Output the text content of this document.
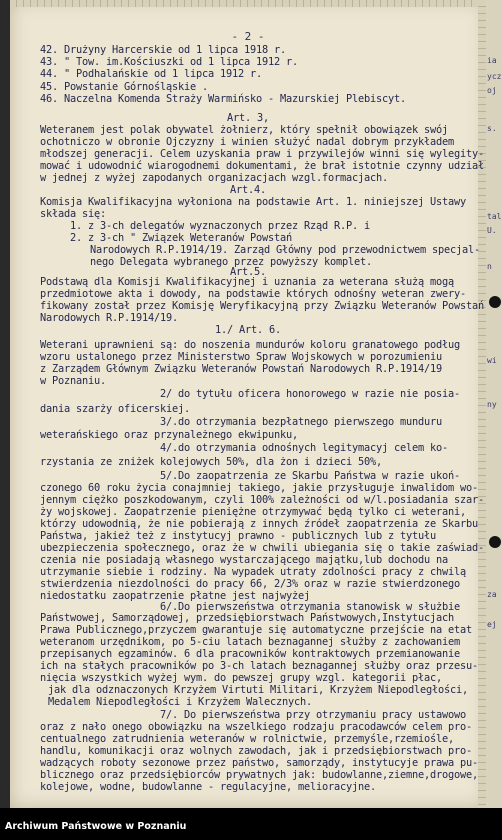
- 2 -
42. Drużyny Harcerskie od 1 lipca 1918 r.
43. " Tow. im.Kościuszki od 1 lipca 1912 r.
44. " Podhalańskie od 1 lipca 1912 r.
45. Powstanie Górnośląskie .
46. Naczelna Komenda Straży Warmińsko - Mazurskiej Plebiscyt.
Art. 3,
Weteranem jest polak obywatel żołnierz, który spełnił obowiązek swój
ochotniczo w obronie Ojczyzny i winien służyć nadal dobrym przykładem
młodszej generacji. Celem uzyskania praw i przywilejów winni się wylegity-
mować i udowodnić wiarogodnemi dokumentami, że brał istotnie czynny udział
w jednej z wyżej zapodanych organizacjach wzgl.formacjach.
Art.4.
Komisja Kwalifikacyjna wyłoniona na podstawie Art. 1. niniejszej Ustawy
składa się:
1. z 3-ch delegatów wyznaczonych przez Rząd R.P. i
2. z 3-ch " Związek Weteranów Powstań
Narodowych R.P.1914/19. Zarząd Główny pod przewodnictwem specjal-
nego Delegata wybranego przez powyższy komplet.
Art.5.
Podstawą dla Komisji Kwalifikacyjnej i uznania za weterana służą mogą
przedmiotowe akta i dowody, na podstawie których odnośny weteran zwery-
fikowany został przez Komisję Weryfikacyjną przy Związku Weteranów Powstań
Narodowych R.P.1914/19.
1./ Art. 6.
Weterani uprawnieni są: do noszenia mundurów koloru granatowego podług
wzoru ustalonego przez Ministerstwo Spraw Wojskowych w porozumieniu
z Zarządem Głównym Związku Weteranów Powstań Narodowych R.P.1914/19
w Poznaniu.
2/ do tytułu oficera honorowego w razie nie posia-
dania szarży oficerskiej.
3/.do otrzymania bezpłatnego pierwszego munduru
weterańskiego oraz przynależnego ekwipunku,
4/.do otrzymania odnośnych legitymacyj celem ko-
rzystania ze zniżek kolejowych 50%, dla żon i dzieci 50%,
5/.Do zaopatrzenia ze Skarbu Państwa w razie ukoń-
czonego 60 roku życia conajmniej takiego, jakie przysługuje inwalidom wo-
jennym ciężko poszkodowanym, czyli 100% zależności od w/l.posiadania szar-
ży wojskowej. Zaopatrzenie pieniężne otrzymywać będą tylko ci weterani,
którzy udowodnią, że nie pobierają z innych źródeł zaopatrzenia ze Skarbu
Państwa, jakież też z instytucyj prawno - publicznych lub z tytułu
ubezpieczenia społecznego, oraz że w chwili ubiegania się o takie zaświad-
czenia nie posiadają własnego wystarczającego majątku,lub dochodu na
utrzymanie siebie i rodziny. Na wypadek utraty zdolności pracy z chwilą
stwierdzenia niezdolności do pracy 66, 2/3% oraz w razie stwierdzonego
niedostatku zaopatrzenie płatne jest najwyżej
6/.Do pierwszeństwa otrzymania stanowisk w służbie
Państwowej, Samorządowej, przedsiębiorstwach Państwowych,Instytucjach
Prawa Publicznego,przyczem gwarantuje się automatyczne przejście na etat
weteranom urzędnikom, po 5-ciu latach beznagannej służby z zachowaniem
przepisanych egzaminów. 6 dla pracowników kontraktowych przemianowanie
ich na stałych pracowników po 3-ch latach beznagannej służby oraz przesu-
nięcia wszystkich wyżej wym. do pewszej grupy wzgl. kategorii płac,
jak dla odznaczonych Krzyżem Virtuti Militari, Krzyżem Niepodległości,
Medalem Niepodległości i Krzyżem Walecznych.
7/. Do pierwszeństwa przy otrzymaniu pracy ustawowo
oraz z nało onego obowiązku na wszelkiego rodzaju pracodawców celem pro-
centualnego zatrudnienia weteranów w rolnictwie, przemyśle,rzemiośle,
handlu, komunikacji oraz wolnych zawodach, jak i przedsiębiorstwach pro-
wadzących roboty sezonowe przez państwo, samorządy, instytucyje prawa pu-
blicznego oraz przedsiębiorców prywatnych jak: budowlanne,ziemne,drogowe,
kolejowe, wodne, budowlanne - regulacyjne, melioracyjne.
ia
ycz
oj
s.
tal
U.
n
wi
ny
za
ej
Archiwum Państwowe w Poznaniu
